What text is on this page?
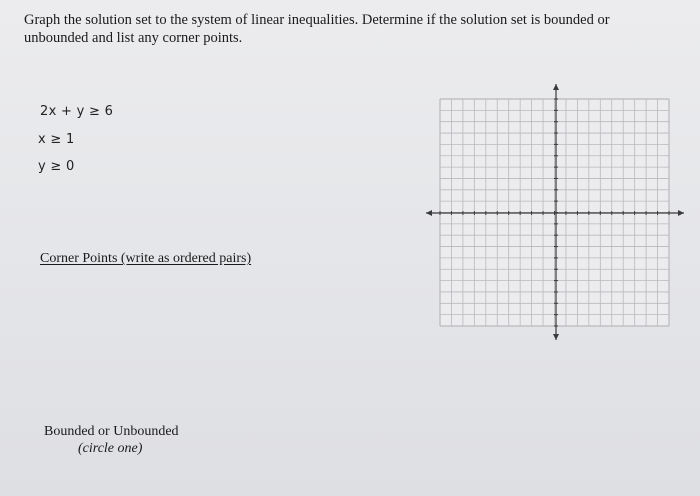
Graph the solution set to the system of linear inequalities. Determine if the solution set is bounded or unbounded and list any corner points.
2x + y ≥ 6
x ≥ 1
y ≥ 0
Corner Points (write as ordered pairs)
Bounded or Unbounded
(circle one)
